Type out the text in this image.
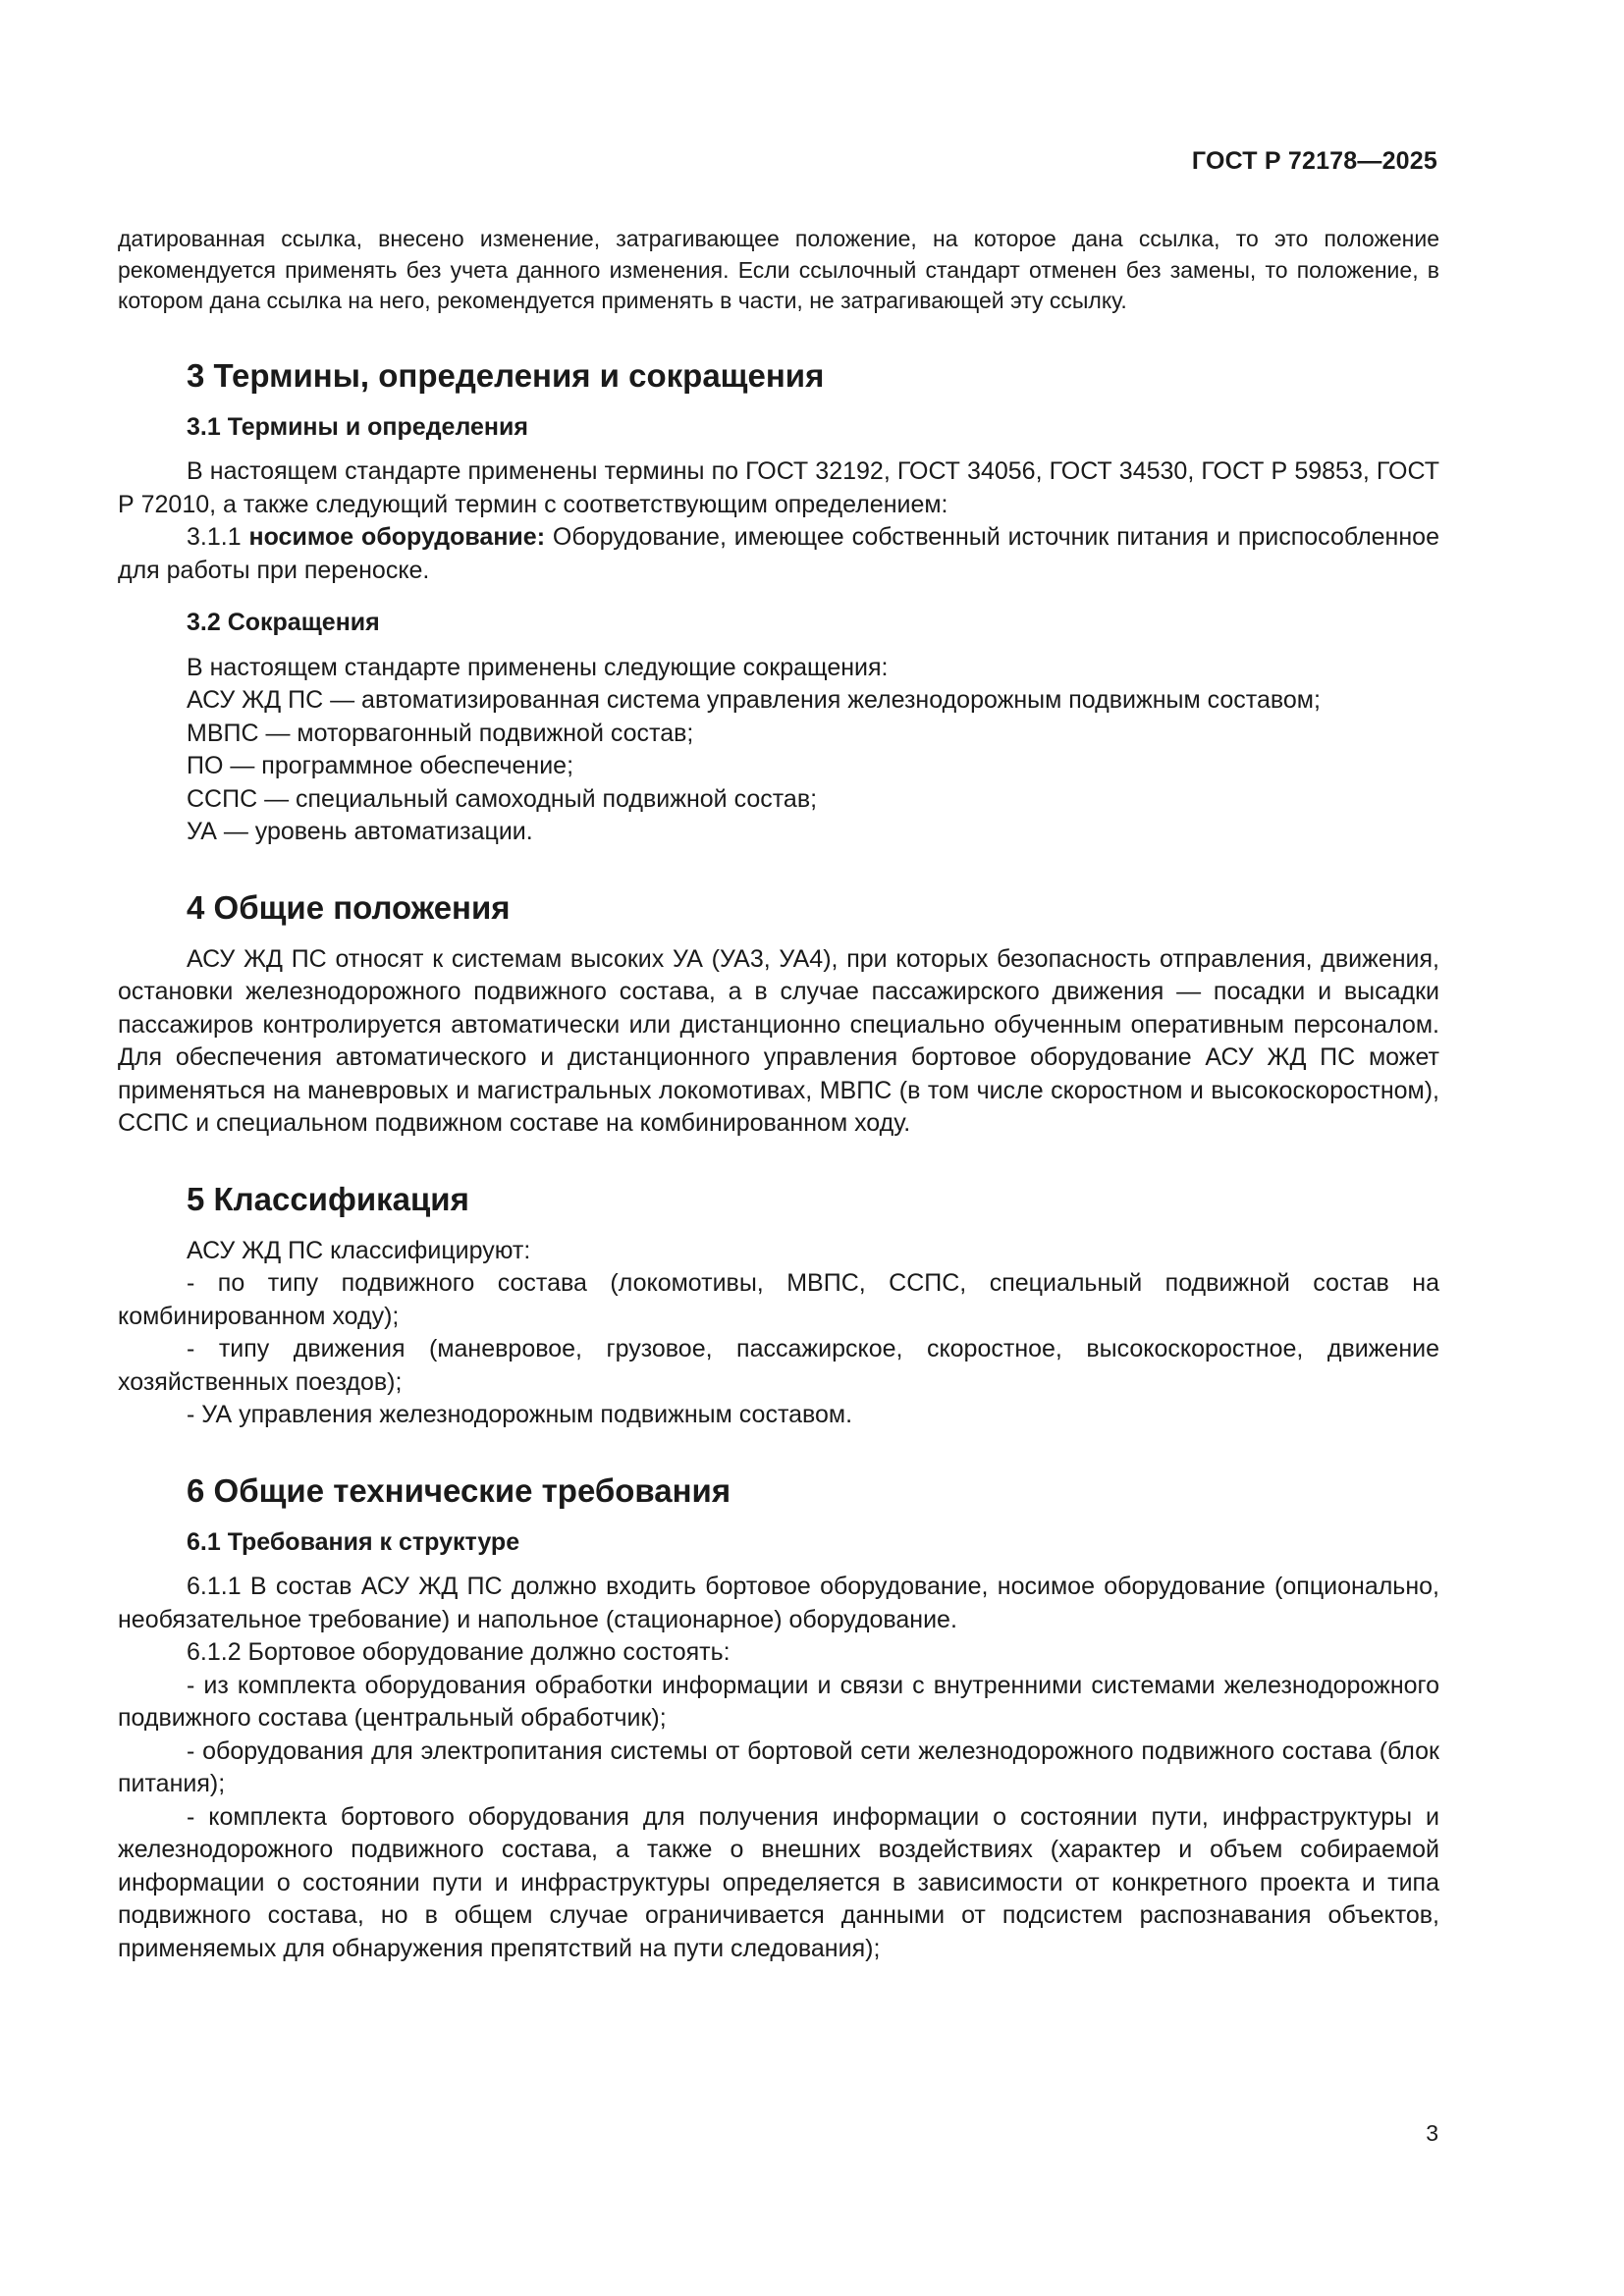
ГОСТ Р 72178—2025

датированная ссылка, внесено изменение, затрагивающее положение, на которое дана ссылка, то это положение рекомендуется применять без учета данного изменения. Если ссылочный стандарт отменен без замены, то положение, в котором дана ссылка на него, рекомендуется применять в части, не затрагивающей эту ссылку.

3 Термины, определения и сокращения
3.1 Термины и определения

В настоящем стандарте применены термины по ГОСТ 32192, ГОСТ 34056, ГОСТ 34530, ГОСТ Р 59853, ГОСТ Р 72010, а также следующий термин с соответствующим определением:

3.1.1 носимое оборудование: Оборудование, имеющее собственный источник питания и приспособленное для работы при переноске.

3.2 Сокращения

В настоящем стандарте применены следующие сокращения:

АСУ ЖД ПС — автоматизированная система управления железнодорожным подвижным составом;

МВПС — моторвагонный подвижной состав;

ПО — программное обеспечение;

ССПС — специальный самоходный подвижной состав;

УА — уровень автоматизации.

4 Общие положения

АСУ ЖД ПС относят к системам высоких УА (УА3, УА4), при которых безопасность отправления, движения, остановки железнодорожного подвижного состава, а в случае пассажирского движения — посадки и высадки пассажиров контролируется автоматически или дистанционно специально обученным оперативным персоналом. Для обеспечения автоматического и дистанционного управления бортовое оборудование АСУ ЖД ПС может применяться на маневровых и магистральных локомотивах, МВПС (в том числе скоростном и высокоскоростном), ССПС и специальном подвижном составе на комбинированном ходу.

5 Классификация

АСУ ЖД ПС классифицируют:

- по типу подвижного состава (локомотивы, МВПС, ССПС, специальный подвижной состав на комбинированном ходу);

- типу движения (маневровое, грузовое, пассажирское, скоростное, высокоскоростное, движение хозяйственных поездов);

- УА управления железнодорожным подвижным составом.

6 Общие технические требования
6.1 Требования к структуре

6.1.1 В состав АСУ ЖД ПС должно входить бортовое оборудование, носимое оборудование (опционально, необязательное требование) и напольное (стационарное) оборудование.

6.1.2 Бортовое оборудование должно состоять:

- из комплекта оборудования обработки информации и связи с внутренними системами железнодорожного подвижного состава (центральный обработчик);

- оборудования для электропитания системы от бортовой сети железнодорожного подвижного состава (блок питания);

- комплекта бортового оборудования для получения информации о состоянии пути, инфраструктуры и железнодорожного подвижного состава, а также о внешних воздействиях (характер и объем собираемой информации о состоянии пути и инфраструктуры определяется в зависимости от конкретного проекта и типа подвижного состава, но в общем случае ограничивается данными от подсистем распознавания объектов, применяемых для обнаружения препятствий на пути следования);

3
